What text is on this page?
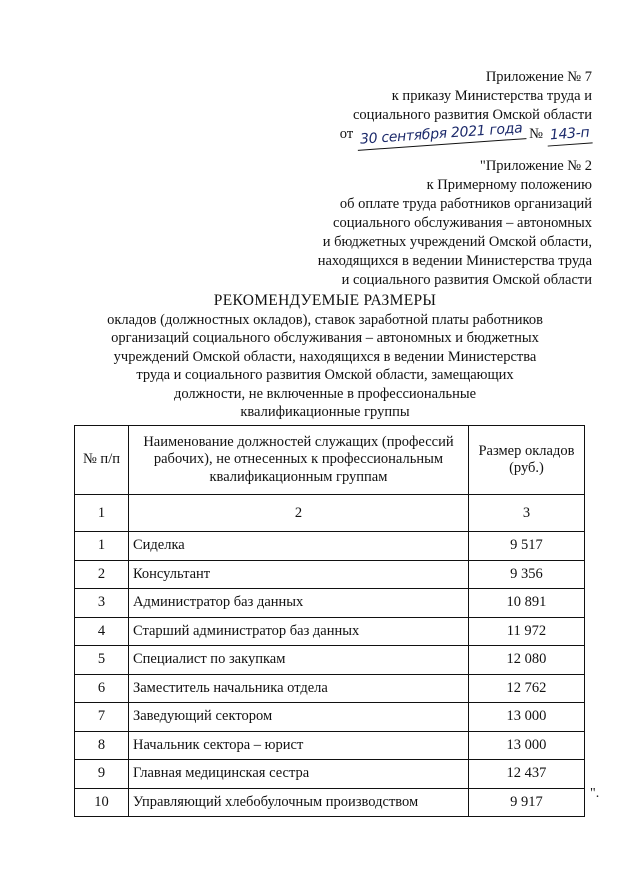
Приложение № 7
к приказу Министерства труда и
социального развития Омской области
от 30 сентября 2021 года № 143-п
"Приложение № 2
к Примерному положению
об оплате труда работников организаций
социального обслуживания – автономных
и бюджетных учреждений Омской области,
находящихся в ведении Министерства труда
и социального развития Омской области
РЕКОМЕНДУЕМЫЕ РАЗМЕРЫ
окладов (должностных окладов), ставок заработной платы работников
организаций социального обслуживания – автономных и бюджетных
учреждений Омской области, находящихся в ведении Министерства
труда и социального развития Омской области, замещающих
должности, не включенные в профессиональные
квалификационные группы
№ п/п	Наименование должностей служащих (профессий рабочих), не отнесенных к профессиональным квалификационным группам	Размер окладов (руб.)
1	2	3
1	Сиделка	9 517
2	Консультант	9 356
3	Администратор баз данных	10 891
4	Старший администратор баз данных	11 972
5	Специалист по закупкам	12 080
6	Заместитель начальника отдела	12 762
7	Заведующий сектором	13 000
8	Начальник сектора – юрист	13 000
9	Главная медицинская сестра	12 437
10	Управляющий хлебобулочным производством	9 917
".
